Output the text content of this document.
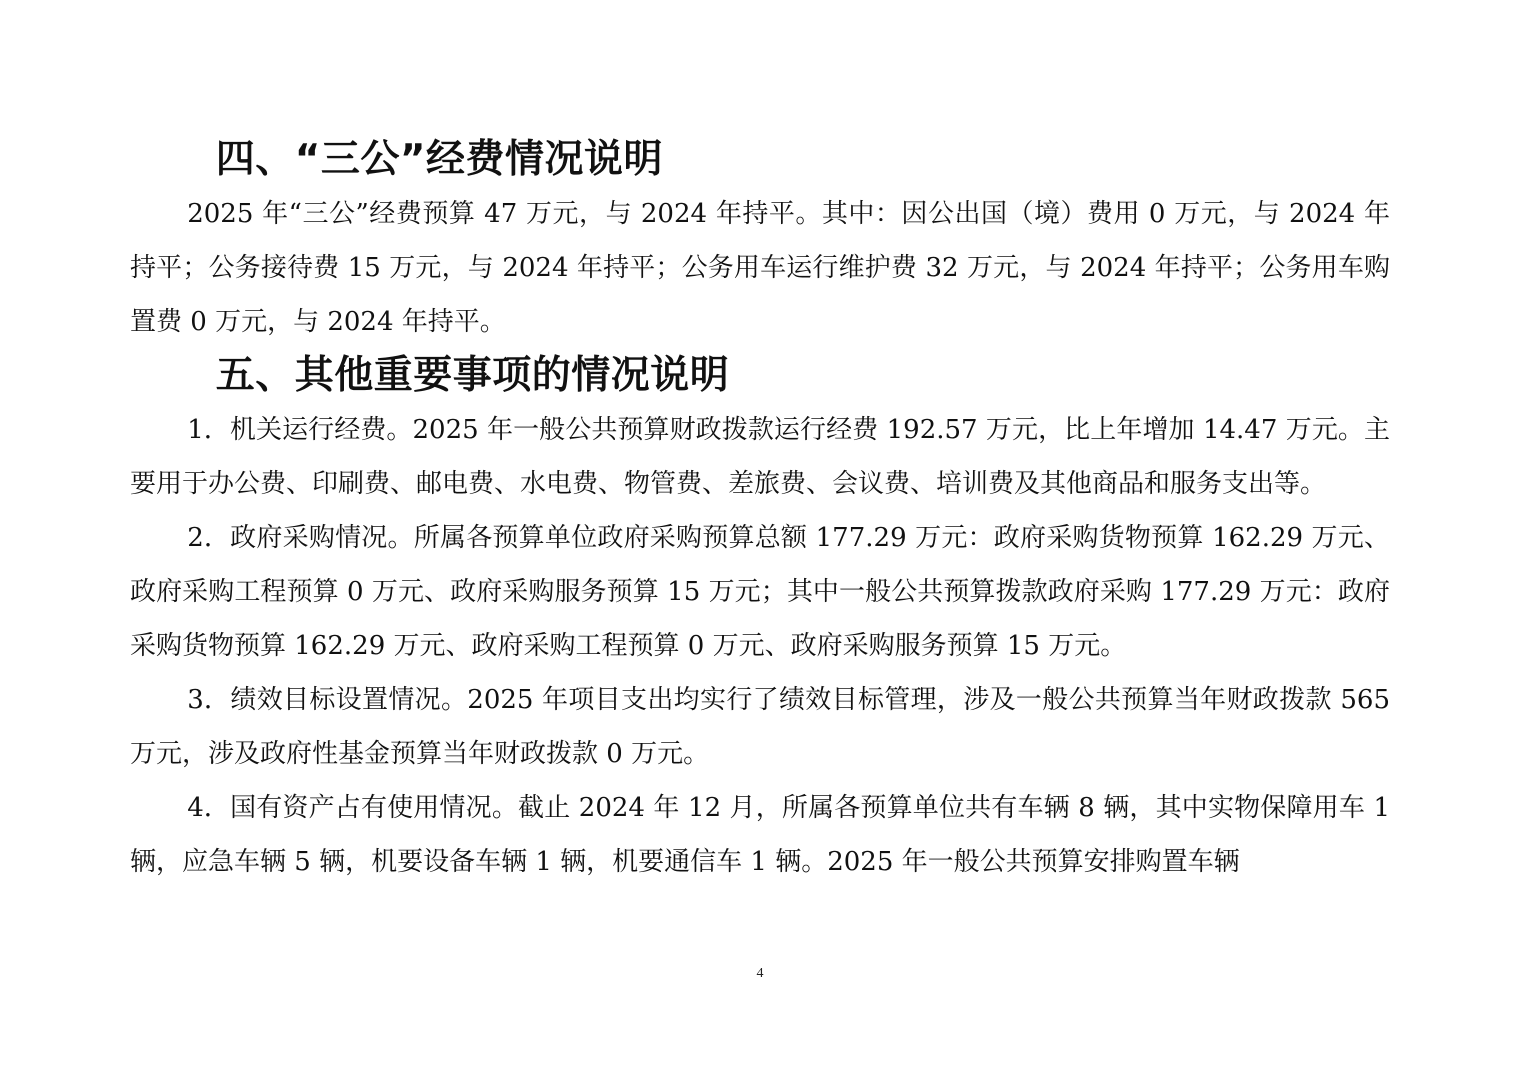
四、“三公”经费情况说明

2025 年“三公”经费预算 47 万元，与 2024 年持平。其中：因公出国（境）费用 0 万元，与 2024 年持平；公务接待费 15 万元，与 2024 年持平；公务用车运行维护费 32 万元，与 2024 年持平；公务用车购置费 0 万元，与 2024 年持平。

五、其他重要事项的情况说明

1．机关运行经费。2025 年一般公共预算财政拨款运行经费 192.57 万元，比上年增加 14.47 万元。主要用于办公费、印刷费、邮电费、水电费、物管费、差旅费、会议费、培训费及其他商品和服务支出等。

2．政府采购情况。所属各预算单位政府采购预算总额 177.29 万元：政府采购货物预算 162.29 万元、政府采购工程预算 0 万元、政府采购服务预算 15 万元；其中一般公共预算拨款政府采购 177.29 万元：政府采购货物预算 162.29 万元、政府采购工程预算 0 万元、政府采购服务预算 15 万元。

3．绩效目标设置情况。2025 年项目支出均实行了绩效目标管理，涉及一般公共预算当年财政拨款 565 万元，涉及政府性基金预算当年财政拨款 0 万元。

4．国有资产占有使用情况。截止 2024 年 12 月，所属各预算单位共有车辆 8 辆，其中实物保障用车 1 辆，应急车辆 5 辆，机要设备车辆 1 辆，机要通信车 1 辆。2025 年一般公共预算安排购置车辆

4
